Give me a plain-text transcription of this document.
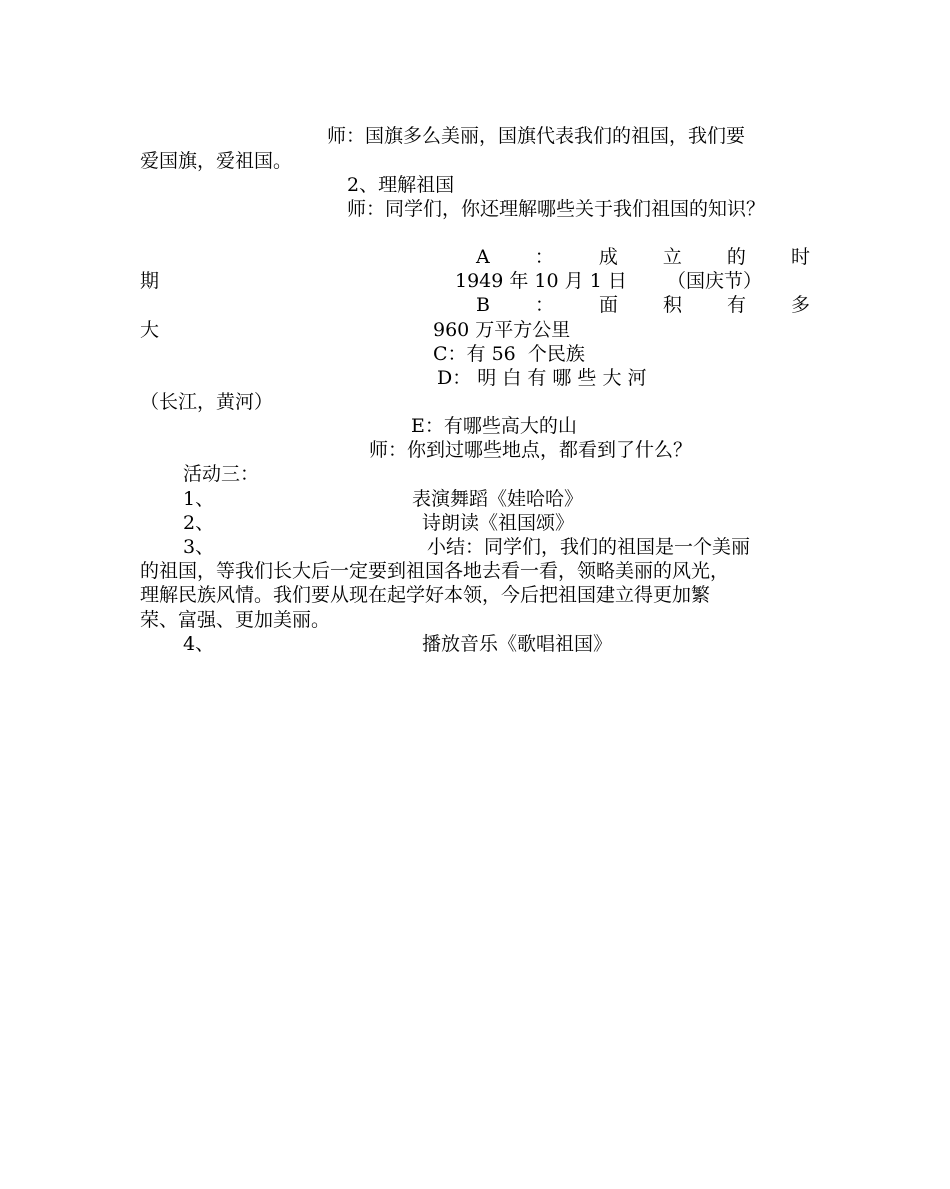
师：国旗多么美丽，国旗代表我们的祖国，我们要

爱国旗，爱祖国。

2、理解祖国

师：同学们，你还理解哪些关于我们祖国的知识？

A ： 成 立 的 时

期	1949 年 10 月 1 日 （国庆节）

B ： 面 积 有 多

大	960 万平方公里

C：有 56  个民族

D： 明 白 有 哪 些 大 河

（长江，黄河）

E：有哪些高大的山

师：你到过哪些地点，都看到了什么？

活动三：

1、	表演舞蹈《娃哈哈》

2、	诗朗读《祖国颂》

3、	小结：同学们，我们的祖国是一个美丽

的祖国，等我们长大后一定要到祖国各地去看一看，领略美丽的风光，

理解民族风情。我们要从现在起学好本领，今后把祖国建立得更加繁

荣、富强、更加美丽。

4、	播放音乐《歌唱祖国》
